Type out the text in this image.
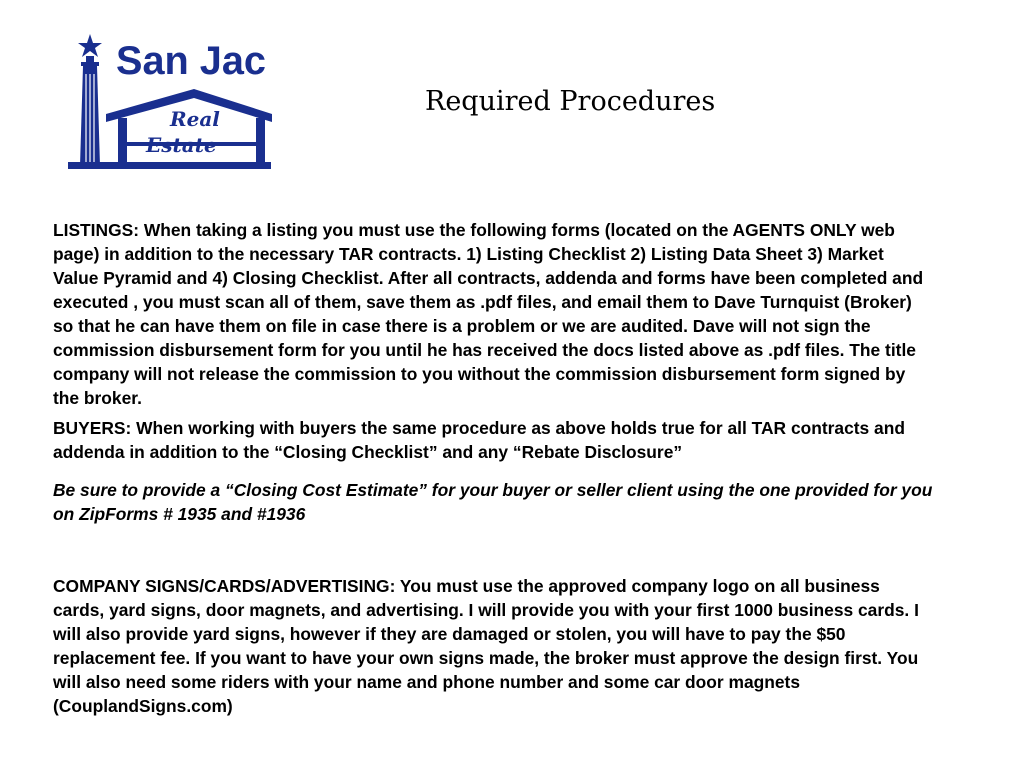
San Jac
Real
Estate
Required Procedures

LISTINGS: When taking a listing you must use the following forms (located on the AGENTS ONLY web page) in addition to the necessary TAR contracts. 1) Listing Checklist 2) Listing Data Sheet 3) Market Value Pyramid and 4) Closing Checklist. After all contracts, addenda and forms have been completed and executed , you must scan all of them, save them as .pdf files, and email them to Dave Turnquist (Broker) so that he can have them on file in case there is a problem or we are audited. Dave will not sign the commission disbursement form for you until he has received the docs listed above as .pdf files. The title company will not release the commission to you without the commission disbursement form signed by the broker.

BUYERS: When working with buyers the same procedure as above holds true for all TAR contracts and addenda in addition to the “Closing Checklist” and any “Rebate Disclosure”

Be sure to provide a “Closing Cost Estimate” for your buyer or seller client using the one provided for you on ZipForms # 1935 and #1936

COMPANY SIGNS/CARDS/ADVERTISING: You must use the approved company logo on all business cards, yard signs, door magnets, and advertising. I will provide you with your first 1000 business cards. I will also provide yard signs, however if they are damaged or stolen, you will have to pay the $50 replacement fee. If you want to have your own signs made, the broker must approve the design first. You will also need some riders with your name and phone number and some car door magnets (CouplandSigns.com)
